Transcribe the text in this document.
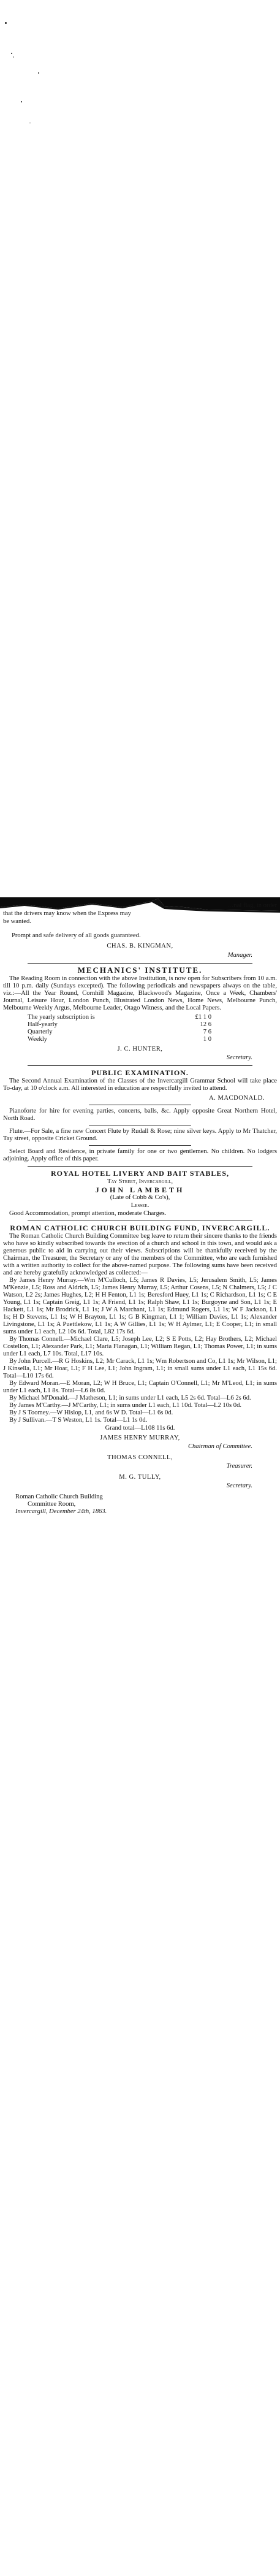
…nal flag, in order

that the drivers may know when the Express may

be wanted.

Prompt and safe delivery of all goods guaranteed.

CHAS. B. KINGMAN,
Manager.
MECHANICS' INSTITUTE.

The Reading Room in connection with the above Institution, is now open for Subscribers from 10 a.m. till 10 p.m. daily (Sundays excepted). The following periodicals and newspapers always on the table, viz.:—All the Year Round, Cornhill Magazine, Blackwood's Magazine, Once a Week, Chambers' Journal, Leisure Hour, London Punch, Illustrated London News, Home News, Melbourne Punch, Melbourne Weekly Argus, Melbourne Leader, Otago Witness, and the Local Papers.

The yearly subscription is	£1 1 0
Half-yearly	12 6
Quarterly	7 6
Weekly	1 0
J. C. HUNTER,
Secretary.
PUBLIC EXAMINATION.

The Second Annual Examination of the Classes of the Invercargill Grammar School will take place To-day, at 10 o'clock a.m. All interested in education are respectfully invited to attend.

A. MACDONALD.

Pianoforte for hire for evening parties, concerts, balls, &c. Apply opposite Great Northern Hotel, North Road.

Flute.—For Sale, a fine new Concert Flute by Rudall & Rose; nine silver keys. Apply to Mr Thatcher, Tay street, opposite Cricket Ground.

Select Board and Residence, in private family for one or two gentlemen. No children. No lodgers adjoining. Apply office of this paper.

ROYAL HOTEL LIVERY AND BAIT STABLES,
Tay Street, Invercargill,
JOHN LAMBETH
(Late of Cobb & Co's),
Lessee.

Good Accommodation, prompt attention, moderate Charges.

ROMAN CATHOLIC CHURCH BUILDING FUND, INVERCARGILL.

The Roman Catholic Church Building Committee beg leave to return their sincere thanks to the friends who have so kindly subscribed towards the erection of a church and school in this town, and would ask a generous public to aid in carrying out their views. Subscriptions will be thankfully received by the Chairman, the Treasurer, the Secretary or any of the members of the Committee, who are each furnished with a written authority to collect for the above-named purpose. The following sums have been received and are hereby gratefully acknowledged as collected:—

By James Henry Murray.—Wm M'Culloch, L5; James R Davies, L5; Jerusalem Smith, L5; James M'Kenzie, L5; Ross and Aldrich, L5; James Henry Murray, L5; Arthur Cosens, L5; N Chalmers, L5; J C Watson, L2 2s; James Hughes, L2; H H Fenton, L1 1s; Beresford Huey, L1 1s; C Richardson, L1 1s; C E Young, L1 1s; Captain Greig, L1 1s; A Friend, L1 1s; Ralph Shaw, L1 1s; Burgoyne and Son, L1 1s; E Hackett, L1 1s; Mr Brodrick, L1 1s; J W A Marchant, L1 1s; Edmund Rogers, L1 1s; W F Jackson, L1 1s; H D Stevens, L1 1s; W H Brayton, L1 1s; G B Kingman, L1 1; William Davies, L1 1s; Alexander Livingstone, L1 1s; A Puettlekow, L1 1s; A W Gillies, L1 1s; W H Aylmer, L1; E Cooper, L1; in small sums under L1 each, L2 10s 6d. Total, L82 17s 6d.

By Thomas Connell.—Michael Clare, L5; Joseph Lee, L2; S E Potts, L2; Hay Brothers, L2; Michael Costellon, L1; Alexander Park, L1; Maria Flanagan, L1; William Regan, L1; Thomas Power, L1; in sums under L1 each, L7 10s. Total, L17 10s.

By John Purcell.—R G Hoskins, L2; Mr Carack, L1 1s; Wm Robertson and Co, L1 1s; Mr Wilson, L1; J Kinsella, L1; Mr Hoar, L1; F H Lee, L1; John Ingram, L1; in small sums under L1 each, L1 15s 6d. Total—L10 17s 6d.

By Edward Moran.—E Moran, L2; W H Bruce, L1; Captain O'Connell, L1; Mr M'Leod, L1; in sums under L1 each, L1 8s. Total—L6 8s 0d.

By Michael M'Donald.—J Matheson, L1; in sums under L1 each, L5 2s 6d. Total—L6 2s 6d.

By James M'Carthy.—J M'Carthy, L1; in sums under L1 each, L1 10d. Total—L2 10s 0d.

By J S Toomey.—W Hislop, L1, and 6s W D. Total—L1 6s 0d.

By J Sullivan.—T S Weston, L1 1s. Total—L1 1s 0d.

Grand total—L108 11s 6d.
JAMES HENRY MURRAY,
Chairman of Committee.
THOMAS CONNELL,
Treasurer.
M. G. TULLY,
Secretary.
Roman Catholic Church Building
Committee Room,
Invercargill, December 24th, 1863.
